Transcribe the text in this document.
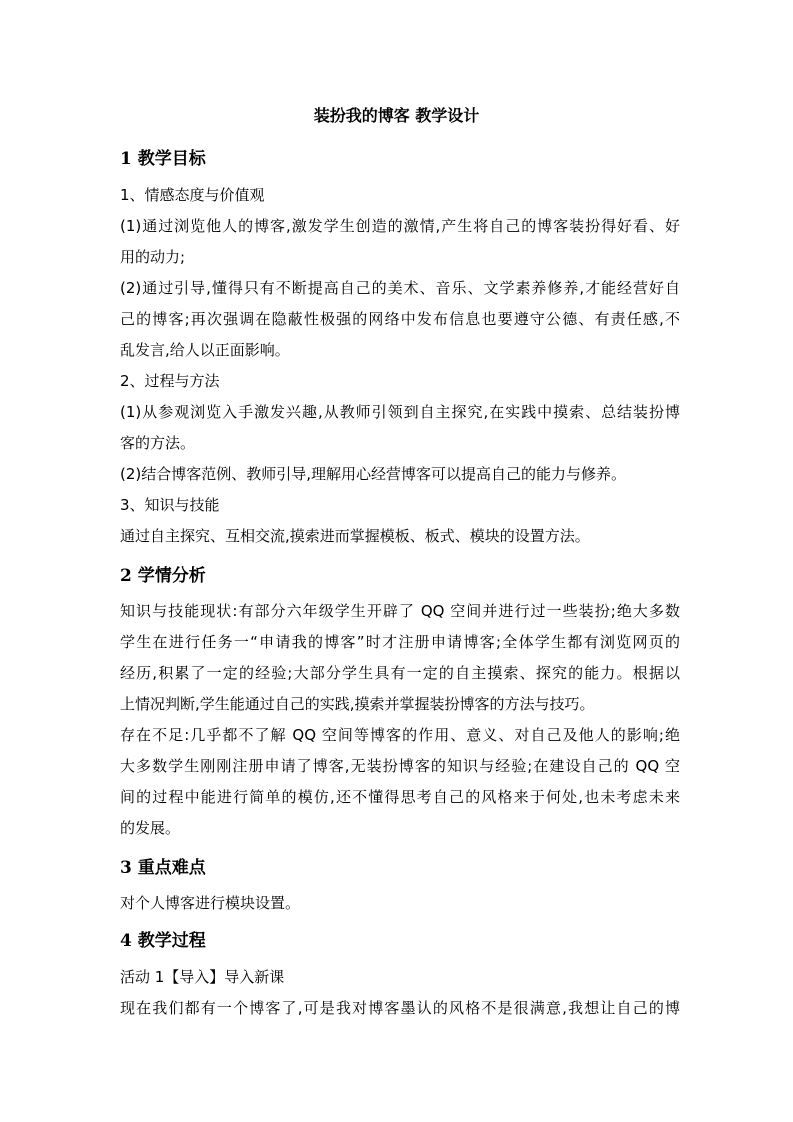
装扮我的博客 教学设计
1 教学目标
1、情感态度与价值观
(1)通过浏览他人的博客,激发学生创造的激情,产生将自己的博客装扮得好看、好
用的动力;
(2)通过引导,懂得只有不断提高自己的美术、音乐、文学素养修养,才能经营好自
己的博客;再次强调在隐蔽性极强的网络中发布信息也要遵守公德、有责任感,不
乱发言,给人以正面影响。
2、过程与方法
(1)从参观浏览入手激发兴趣,从教师引领到自主探究,在实践中摸索、总结装扮博
客的方法。
(2)结合博客范例、教师引导,理解用心经营博客可以提高自己的能力与修养。
3、知识与技能
通过自主探究、互相交流,摸索进而掌握模板、板式、模块的设置方法。
2 学情分析
知识与技能现状:有部分六年级学生开辟了 QQ 空间并进行过一些装扮;绝大多数
学生在进行任务一“申请我的博客”时才注册申请博客;全体学生都有浏览网页的
经历,积累了一定的经验;大部分学生具有一定的自主摸索、探究的能力。根据以
上情况判断,学生能通过自己的实践,摸索并掌握装扮博客的方法与技巧。
存在不足:几乎都不了解 QQ 空间等博客的作用、意义、对自己及他人的影响;绝
大多数学生刚刚注册申请了博客,无装扮博客的知识与经验;在建设自己的 QQ 空
间的过程中能进行简单的模仿,还不懂得思考自己的风格来于何处,也未考虑未来
的发展。
3 重点难点
对个人博客进行模块设置。
4 教学过程
活动 1【导入】导入新课
现在我们都有一个博客了,可是我对博客墨认的风格不是很满意,我想让自己的博
